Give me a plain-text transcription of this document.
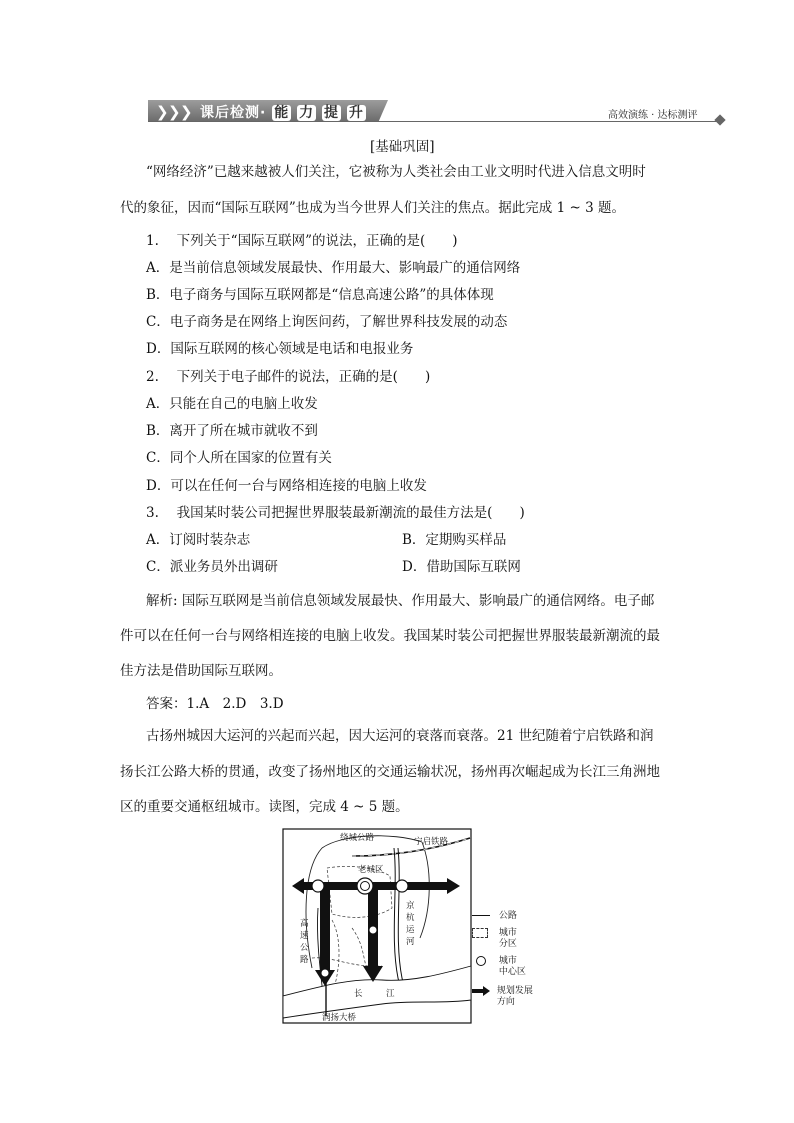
❯ ❯ ❯ 课后检测· 能 力 提 升	高效演练 · 达标测评
[基础巩固]
“网络经济”已越来越被人们关注，它被称为人类社会由工业文明时代进入信息文明时
代的象征，因而“国际互联网”也成为当今世界人们关注的焦点。据此完成 1 ~ 3 题。
1.　 下列关于“国际互联网”的说法，正确的是(　　)
A．是当前信息领域发展最快、作用最大、影响最广的通信网络
B．电子商务与国际互联网都是“信息高速公路”的具体体现
C．电子商务是在网络上询医问药，了解世界科技发展的动态
D．国际互联网的核心领域是电话和电报业务
2.　 下列关于电子邮件的说法，正确的是(　　)
A．只能在自己的电脑上收发
B．离开了所在城市就收不到
C．同个人所在国家的位置有关
D．可以在任何一台与网络相连接的电脑上收发
3.　 我国某时装公司把握世界服装最新潮流的最佳方法是(　　)
A．订阅时装杂志	B．定期购买样品
C．派业务员外出调研	D．借助国际互联网
解析: 国际互联网是当前信息领域发展最快、作用最大、影响最广的通信网络。电子邮
件可以在任何一台与网络相连接的电脑上收发。我国某时装公司把握世界服装最新潮流的最
佳方法是借助国际互联网。
答案：1.A　2.D　3.D
古扬州城因大运河的兴起而兴起，因大运河的衰落而衰落。21 世纪随着宁启铁路和润
扬长江公路大桥的贯通，改变了扬州地区的交通运输状况，扬州再次崛起成为长江三角洲地
区的重要交通枢纽城市。读图，完成 4 ~ 5 题。
绕城公路	宁启铁路
老城区
京
杭
运
河
高
速
公
路
长	江
润扬大桥
公路
城市
分区
城市
中心区
规划发展
方向
